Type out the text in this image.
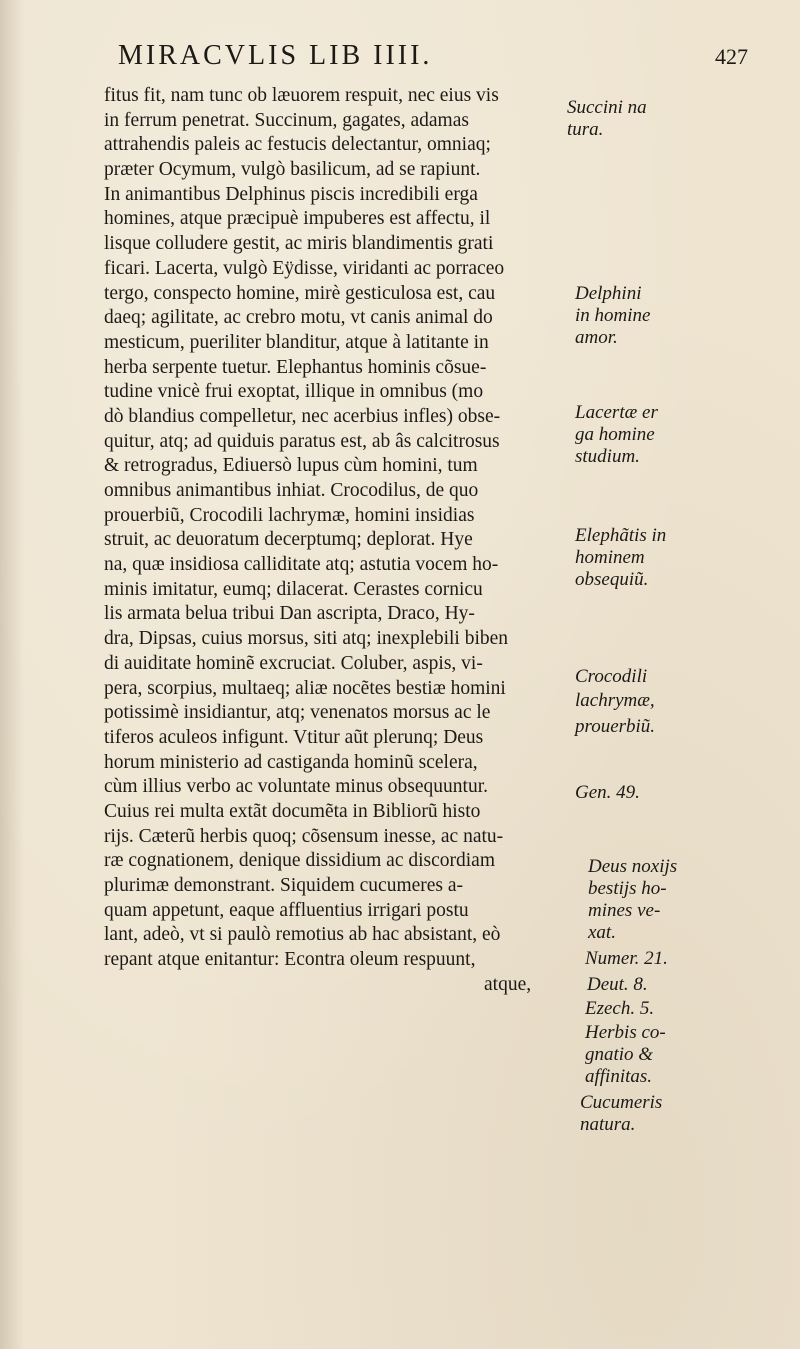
MIRACVLIS LIB IIII.	427
fitus fit, nam tunc ob læuorem respuit, nec eius vis
in ferrum penetrat. Succinum, gagates, adamas
attrahendis paleis ac festucis delectantur, omniaq;
præter Ocymum, vulgò basilicum, ad se rapiunt.
In animantibus Delphinus piscis incredibili erga
homines, atque præcipuè impuberes est affectu, il
lisque colludere gestit, ac miris blandimentis grati
ficari. Lacerta, vulgò Eÿdisse, viridanti ac porraceo
tergo, conspecto homine, mirè gesticulosa est, cau
daeq; agilitate, ac crebro motu, vt canis animal do
mesticum, pueriliter blanditur, atque à latitante in
herba serpente tuetur. Elephantus hominis cõsue-
tudine vnicè frui exoptat, illique in omnibus (mo
dò blandius compelletur, nec acerbius infles) obse-
quitur, atq; ad quiduis paratus est, ab âs calcitrosus
& retrogradus, Ediuersò lupus cùm homini, tum
omnibus animantibus inhiat. Crocodilus, de quo
prouerbiũ, Crocodili lachrymæ, homini insidias
struit, ac deuoratum decerptumq; deplorat. Hye
na, quæ insidiosa calliditate atq; astutia vocem ho-
minis imitatur, eumq; dilacerat. Cerastes cornicu
lis armata belua tribui Dan ascripta, Draco, Hy-
dra, Dipsas, cuius morsus, siti atq; inexplebili biben
di auiditate hominẽ excruciat. Coluber, aspis, vi-
pera, scorpius, multaeq; aliæ nocẽtes bestiæ homini
potissimè insidiantur, atq; venenatos morsus ac le
tiferos aculeos infigunt. Vtitur aũt plerunq; Deus
horum ministerio ad castiganda hominũ scelera,
cùm illius verbo ac voluntate minus obsequuntur.
Cuius rei multa extãt documẽta in Bibliorũ histo
rijs. Cæterũ herbis quoq; cõsensum inesse, ac natu-
ræ cognationem, denique dissidium ac discordiam
plurimæ demonstrant. Siquidem cucumeres a-
quam appetunt, eaque affluentius irrigari postu
lant, adeò, vt si paulò remotius ab hac absistant, eò
repant atque enitantur: Econtra oleum respuunt,
atque,
Succini na
tura.
Delphini
in homine
amor.
Lacertæ er
ga homine
studium.
Elephãtis in
hominem
obsequiũ.
Crocodili
lachrymæ,
prouerbiũ.
Gen. 49.
Deus noxijs
bestijs ho-
mines ve-
xat.
Numer. 21.
Deut. 8.
Ezech. 5.
Herbis co-
gnatio &
affinitas.
Cucumeris
natura.
